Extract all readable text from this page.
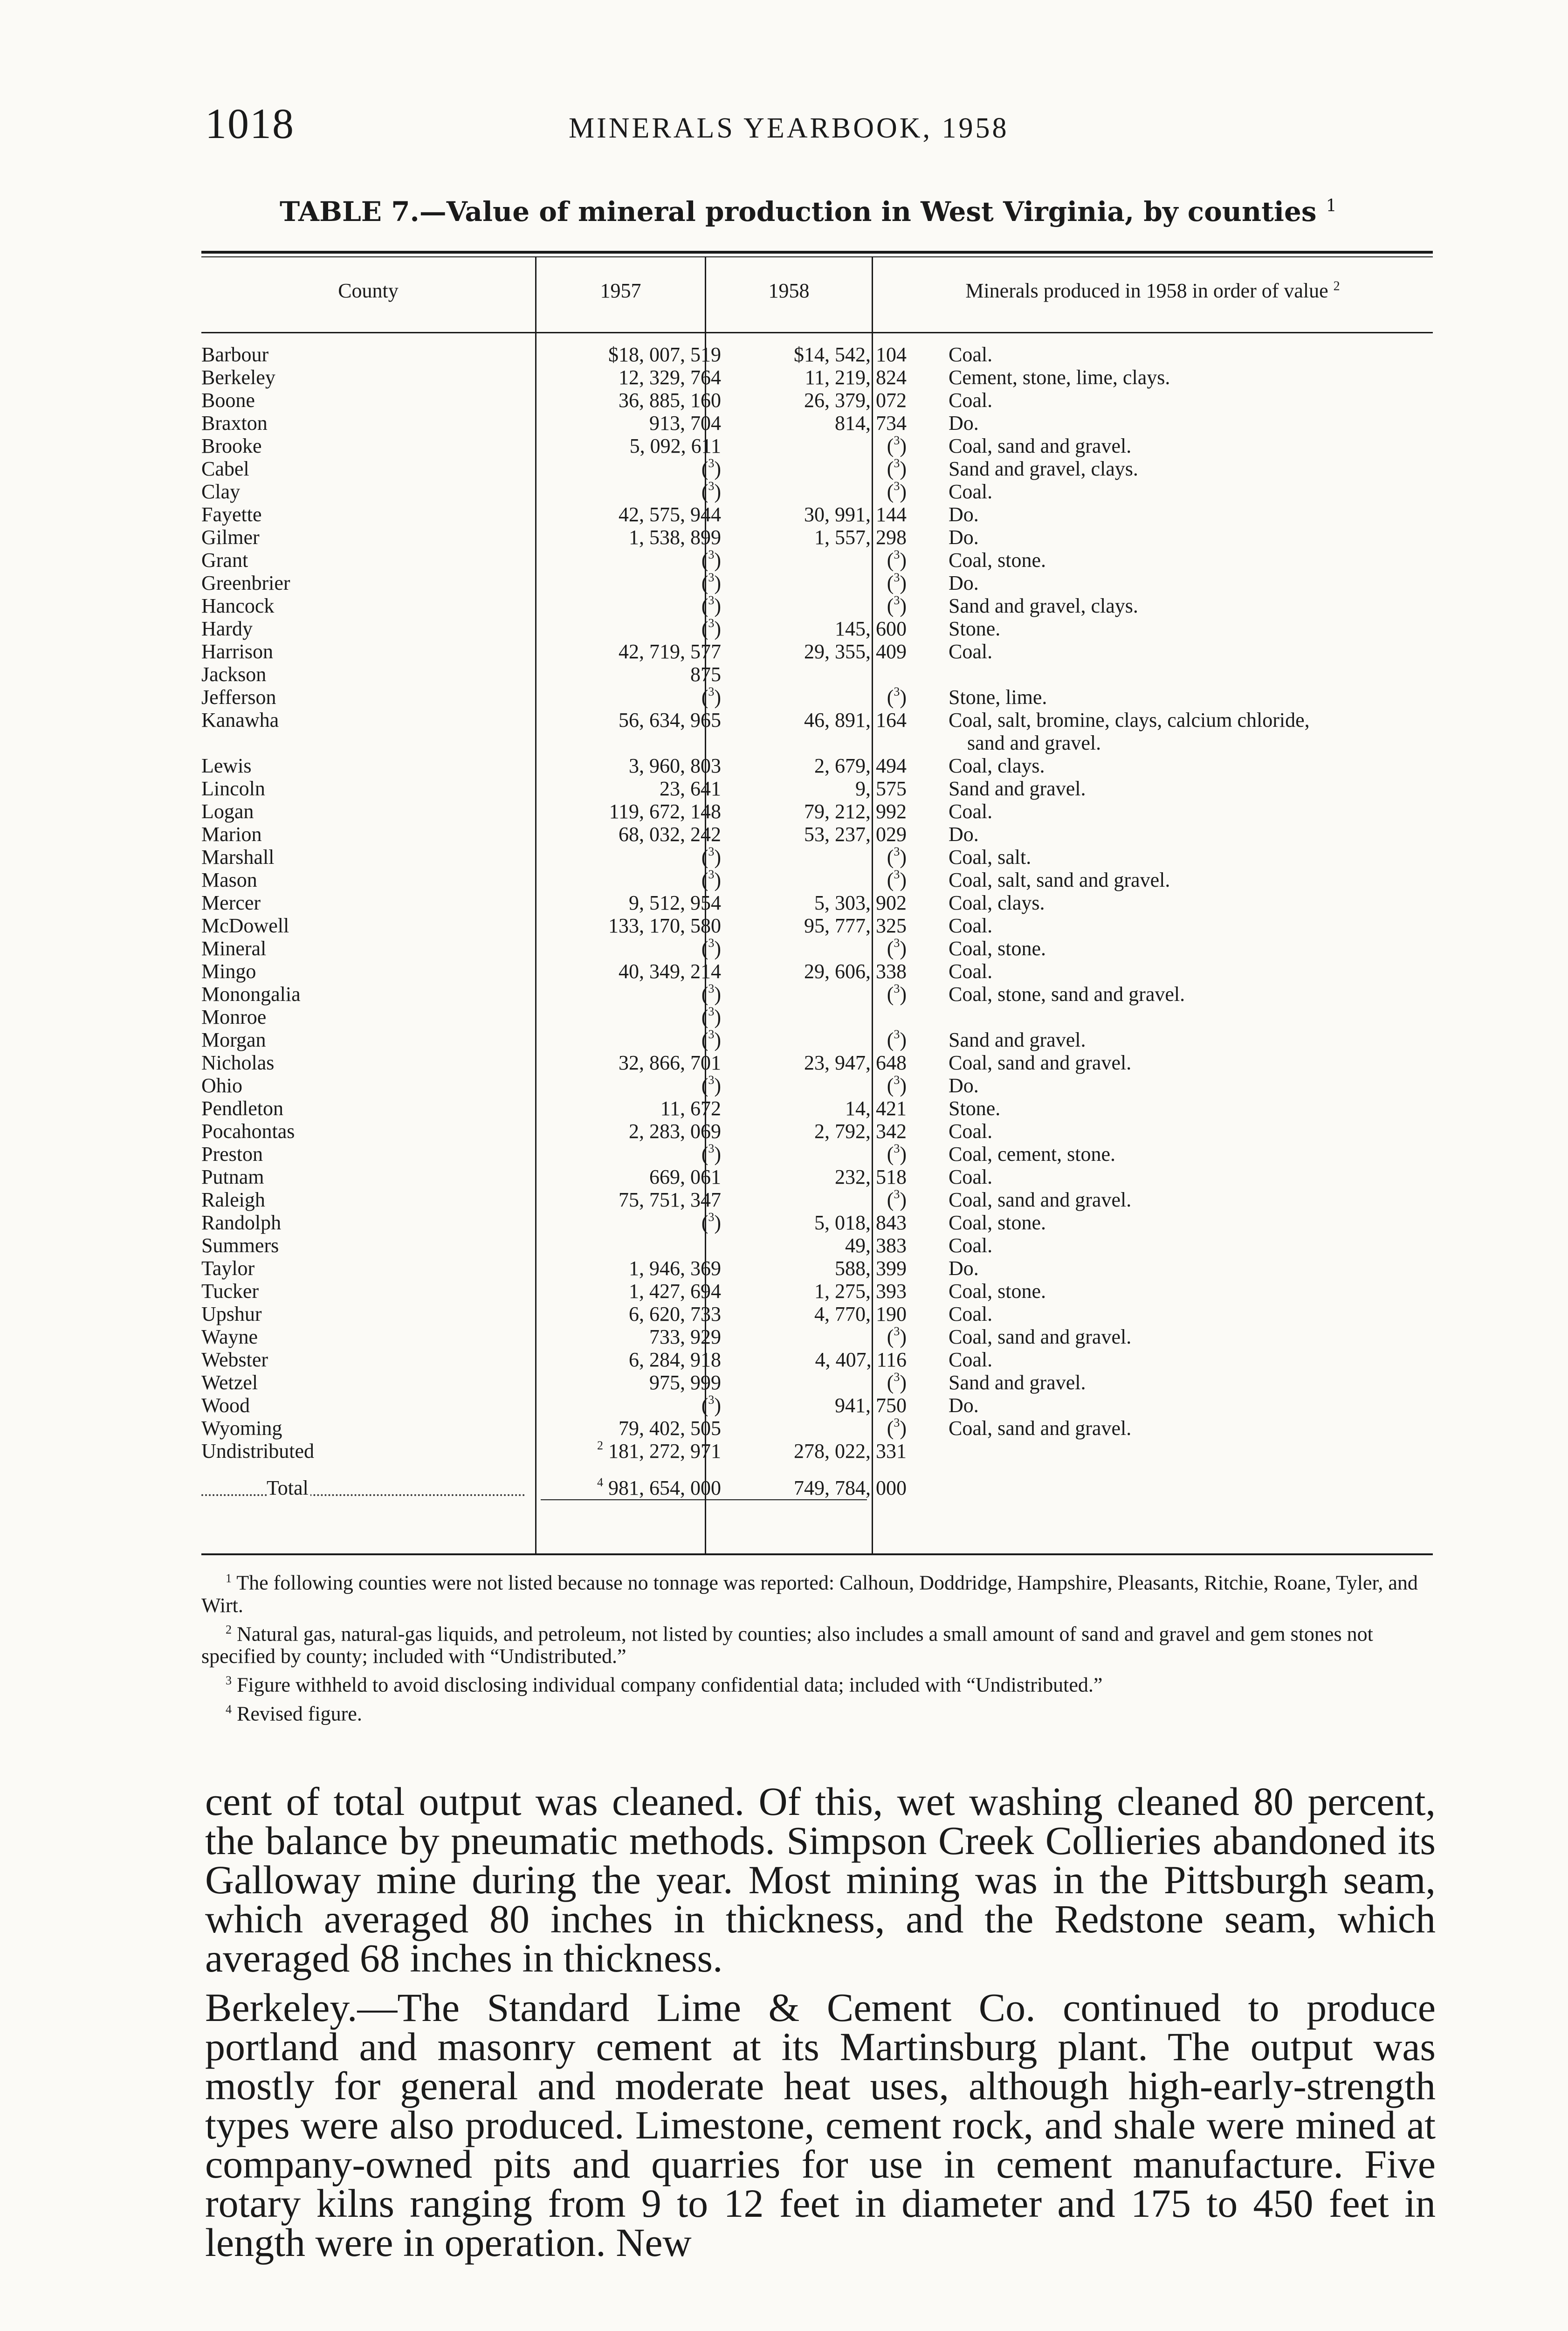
1018	MINERALS YEARBOOK, 1958
TABLE 7.—Value of mineral production in West Virginia, by counties $^1$
County	1957	1958	Minerals produced in 1958 in order of value $^2$
Barbour	$18, 007, 519	$14, 542, 104	Coal.
Berkeley	12, 329, 764	11, 219, 824	Cement, stone, lime, clays.
Boone	36, 885, 160	26, 379, 072	Coal.
Braxton	913, 704	814, 734	Do.
Brooke	5, 092, 611	($^3$)	Coal, sand and gravel.
Cabel	($^3$)	($^3$)	Sand and gravel, clays.
Clay	($^3$)	($^3$)	Coal.
Fayette	42, 575, 944	30, 991, 144	Do.
Gilmer	1, 538, 899	1, 557, 298	Do.
Grant	($^3$)	($^3$)	Coal, stone.
Greenbrier	($^3$)	($^3$)	Do.
Hancock	($^3$)	($^3$)	Sand and gravel, clays.
Hardy	($^3$)	145, 600	Stone.
Harrison	42, 719, 577	29, 355, 409	Coal.
Jackson	875		
Jefferson	($^3$)	($^3$)	Stone, lime.
Kanawha	56, 634, 965	46, 891, 164	Coal, salt, bromine, clays, calcium chloride,
sand and gravel.

Lewis	3, 960, 803	2, 679, 494	Coal, clays.
Lincoln	23, 641	9, 575	Sand and gravel.
Logan	119, 672, 148	79, 212, 992	Coal.
Marion	68, 032, 242	53, 237, 029	Do.
Marshall	($^3$)	($^3$)	Coal, salt.
Mason	($^3$)	($^3$)	Coal, salt, sand and gravel.
Mercer	9, 512, 954	5, 303, 902	Coal, clays.
McDowell	133, 170, 580	95, 777, 325	Coal.
Mineral	($^3$)	($^3$)	Coal, stone.
Mingo	40, 349, 214	29, 606, 338	Coal.
Monongalia	($^3$)	($^3$)	Coal, stone, sand and gravel.
Monroe	($^3$)		
Morgan	($^3$)	($^3$)	Sand and gravel.
Nicholas	32, 866, 701	23, 947, 648	Coal, sand and gravel.
Ohio	($^3$)	($^3$)	Do.
Pendleton	11, 672	14, 421	Stone.
Pocahontas	2, 283, 069	2, 792, 342	Coal.
Preston	($^3$)	($^3$)	Coal, cement, stone.
Putnam	669, 061	232, 518	Coal.
Raleigh	75, 751, 347	($^3$)	Coal, sand and gravel.
Randolph	($^3$)	5, 018, 843	Coal, stone.
Summers		49, 383	Coal.
Taylor	1, 946, 369	588, 399	Do.
Tucker	1, 427, 694	1, 275, 393	Coal, stone.
Upshur	6, 620, 733	4, 770, 190	Coal.
Wayne	733, 929	($^3$)	Coal, sand and gravel.
Webster	6, 284, 918	4, 407, 116	Coal.
Wetzel	975, 999	($^3$)	Sand and gravel.
Wood	($^3$)	941, 750	Do.
Wyoming	79, 402, 505	($^3$)	Coal, sand and gravel.
Undistributed	$^2$ 181, 272, 971	278, 022, 331	

Total	$^4$ 981, 654, 000	749, 784, 000	

$^1$ The following counties were not listed because no tonnage was reported: Calhoun, Doddridge, Hampshire, Pleasants, Ritchie, Roane, Tyler, and Wirt.

$^2$ Natural gas, natural-gas liquids, and petroleum, not listed by counties; also includes a small amount of sand and gravel and gem stones not specified by county; included with “Undistributed.”

$^3$ Figure withheld to avoid disclosing individual company confidential data; included with “Undistributed.”

$^4$ Revised figure.

cent of total output was cleaned. Of this, wet washing cleaned 80 percent, the balance by pneumatic methods. Simpson Creek Collieries abandoned its Galloway mine during the year. Most mining was in the Pittsburgh seam, which averaged 80 inches in thickness, and the Redstone seam, which averaged 68 inches in thickness.

Berkeley.—The Standard Lime & Cement Co. continued to produce portland and masonry cement at its Martinsburg plant. The output was mostly for general and moderate heat uses, although high-early-strength types were also produced. Limestone, cement rock, and shale were mined at company-owned pits and quarries for use in cement manufacture. Five rotary kilns ranging from 9 to 12 feet in diameter and 175 to 450 feet in length were in operation. New
